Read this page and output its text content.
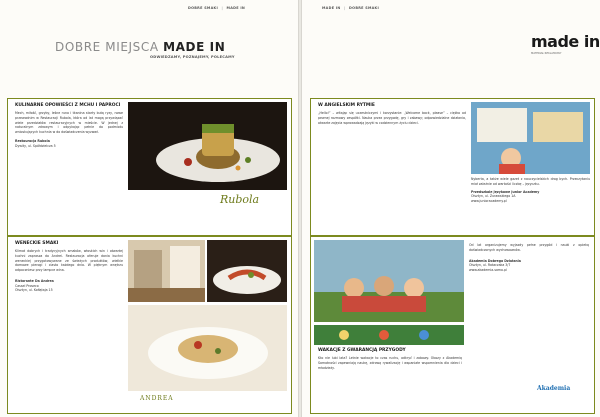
DOBRE SMAKI | MADE IN
DOBRE MIEJSCA MADE IN
ODWIEDZAMY, POZNAJEMY, POLECAMY
KULINARNE OPOWIEŚCI Z MCHU I PAPROCI
Mech, miłość, grzyby, leśne runo i tkanina starty butą ryzy, nowe przewodnim w Restauracji Rubola, która od lat mogą przywiązać wiele przedziałów restauracyjnych w mieście. W jednej z naturalnym zdrowym i odpykając pełnie do podmiotu wnioskujących kuchnia w do doświadczenia wyzwań.
Restauracja Rubola
Dywity, ul. Spółdzielcza 5
Rubola
WENECKIE SMAKI
Klimat dobrych i tradycyjnych smaków, włoskich win i otwartej kuchni zaprasza do Andrei. Restauracja oferuje dania kuchni weneckiej przygotowywane ze świeżych produktów, wielkie domowe pierogi i ciasto każdego dnia. W pięknym wnętrzu odpoczniesz przy lampce wina.
Ristorante Da Andrea
Cassel Proseco
Olsztyn, ul. Kołłątaja 15
ANDREA
MADE IN | DOBRE SMAKI
made in
MATERIAŁ REKLAMOWY
W ANGIELSKIM RYTMIE
„Hello!” – witając się uczestniczymi i korzystanie: „Welcome back, please” – ciężko od pewnej rozmowy zespółki. Nauka przez przygodę, gry i zabawy; odpowiedzialne działania, otwarte zajęcia wprowadzają języki w codziennym życiu dzieci.
Nyberta, a także wiele gazet z nauczycielskich drog bych. Przeczytaniu miał zależnie od wartości liczbę – języczku.
Przedszkole Językowe Junior Academy
Olsztyn, ul. Żurawskiego 1A
www.junioracademy.pl
WAKACJE Z GWARANCJĄ PRZYGODY
Kto nie lubi lata? Letnie wakacje to czas ruchu, odkryć i zabawy. Obozy z Akademią Samotności zapewniają naukę, zdrową rywalizację i wspaniałe wspomnienia dla dzieci i młodzieży.
Od lat organizujemy wyjazdy pełne przygód i nauki z opieką doświadczonych wychowawców.
Akademia Dobrego Działania
Olsztyn, ul. Rataczaka 3/7
www.akademia-samo.pl
Akademia
